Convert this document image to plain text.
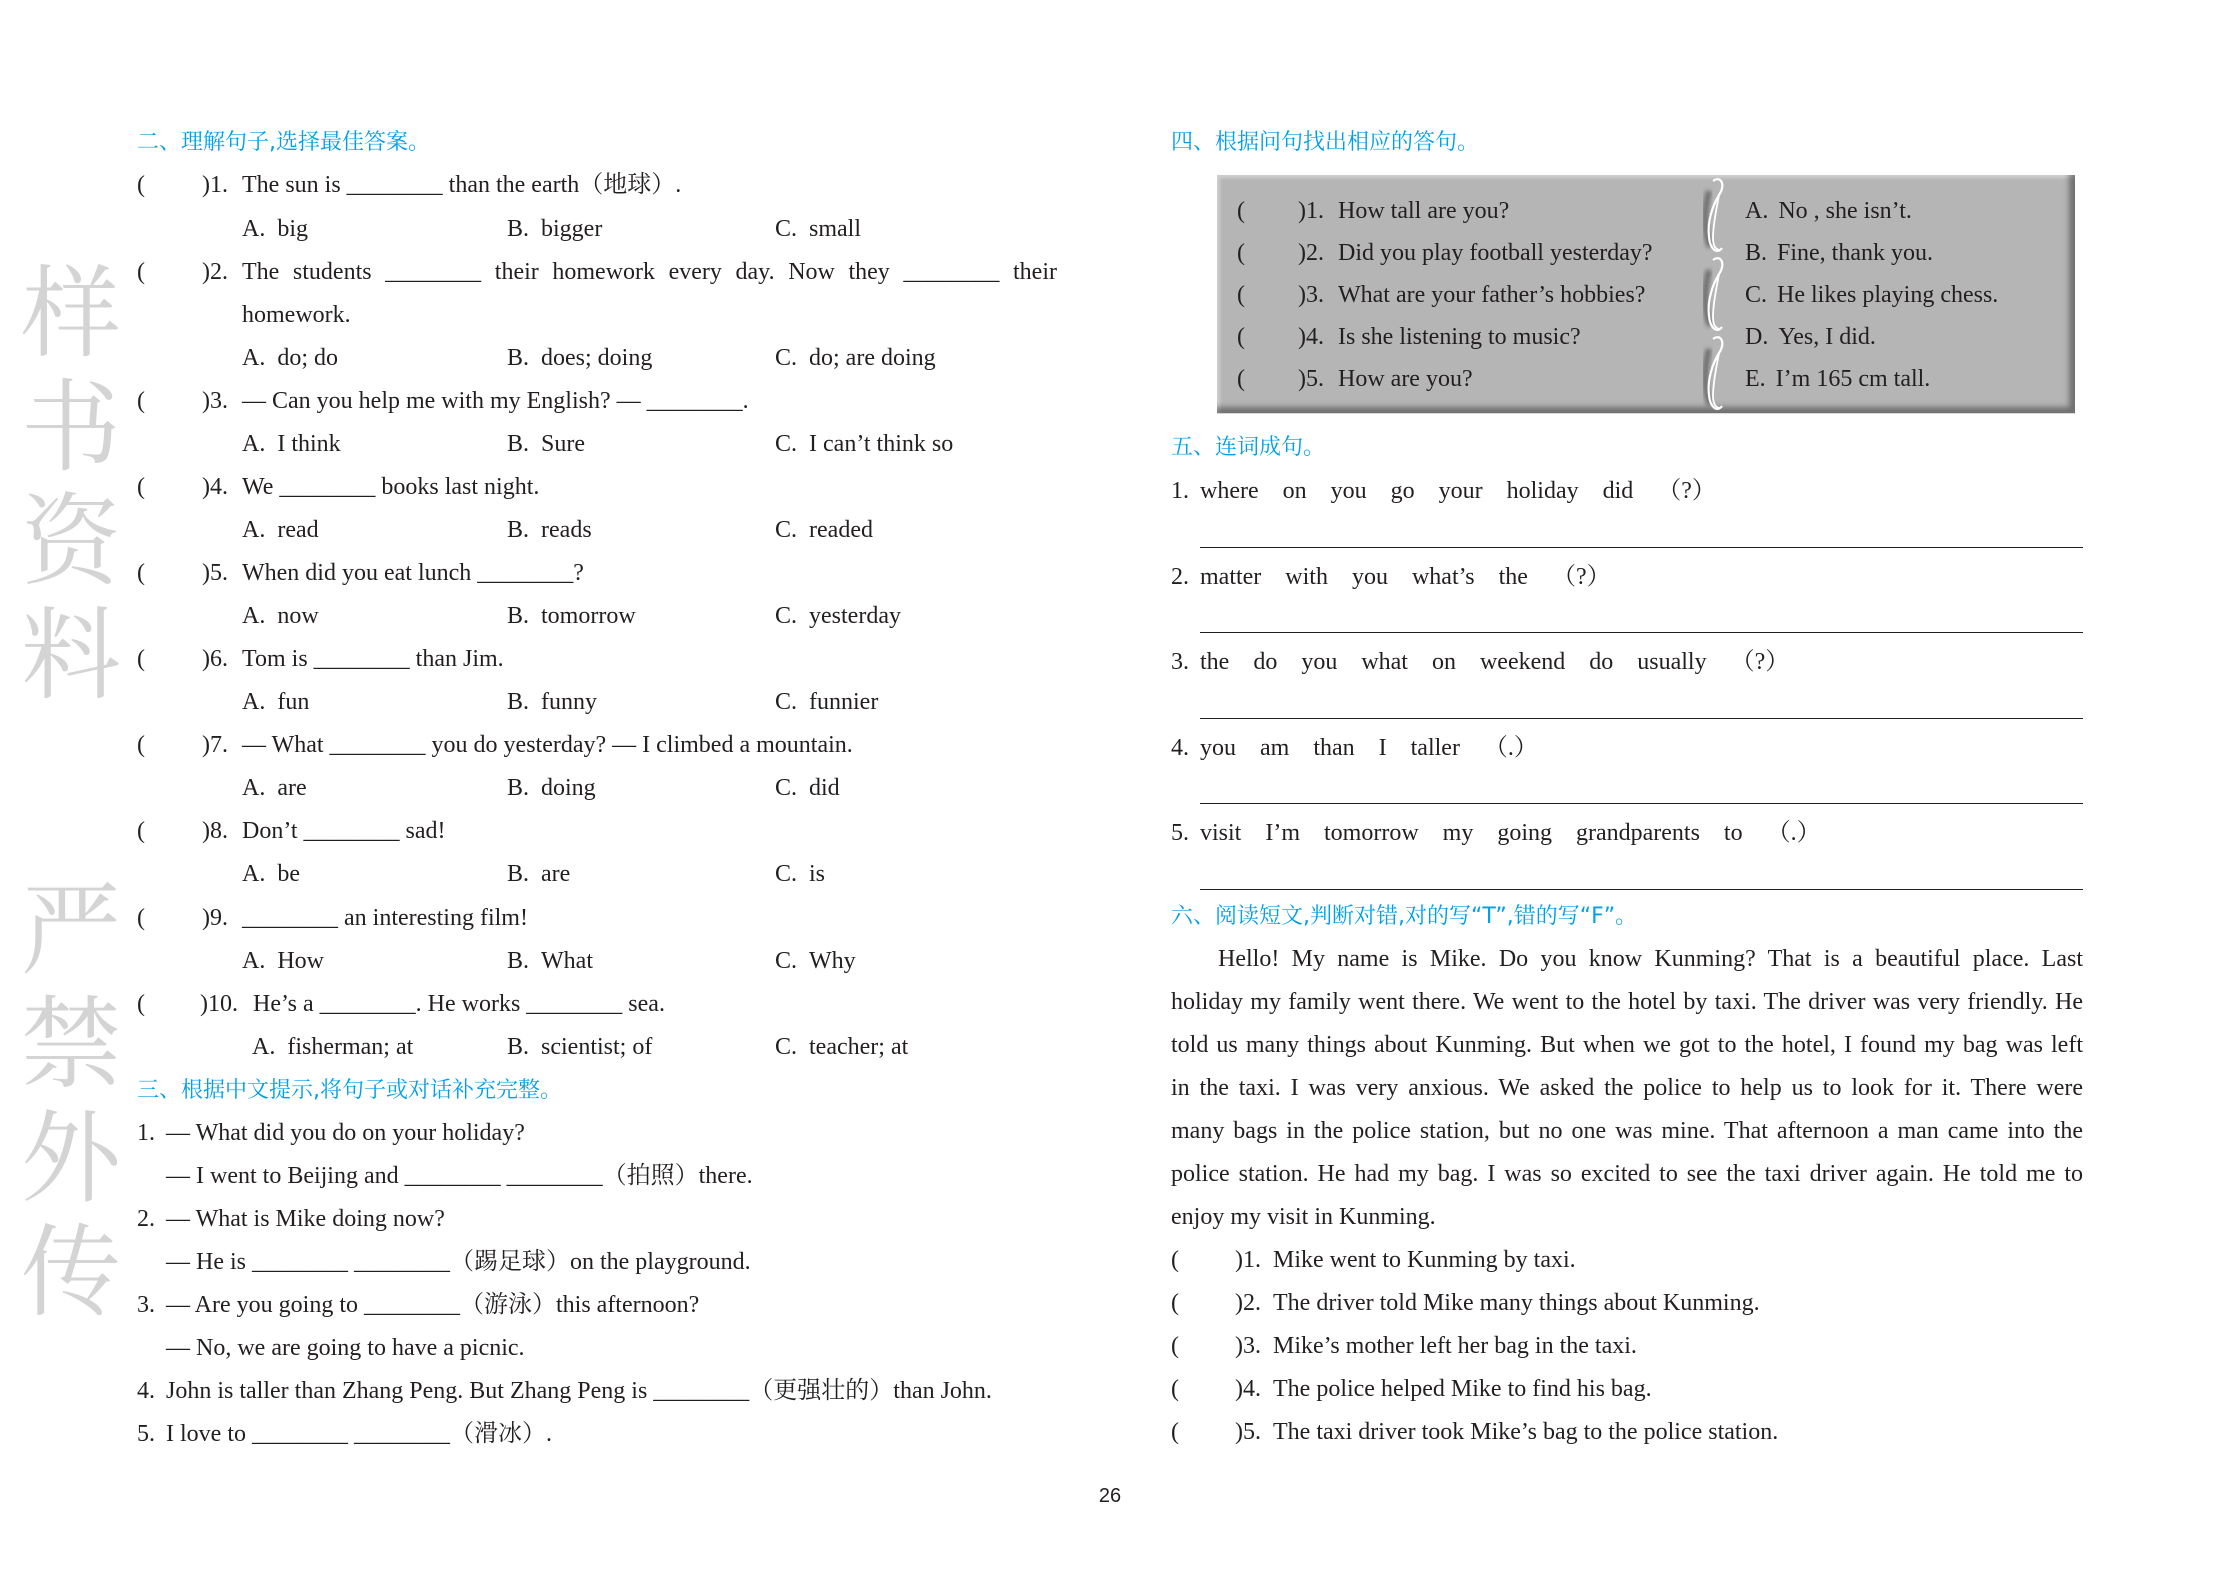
二、理解句子,选择最佳答案。
( )1. The sun is ________ than the earth（地球）.
A. big	B. bigger	C. small
( )2. The students ________ their homework every day. Now they ________ their
homework.
A. do; do	B. does; doing	C. do; are doing
( )3. — Can you help me with my English? — ________.
A. I think	B. Sure	C. I can’t think so
( )4. We ________ books last night.
A. read	B. reads	C. readed
( )5. When did you eat lunch ________?
A. now	B. tomorrow	C. yesterday
( )6. Tom is ________ than Jim.
A. fun	B. funny	C. funnier
( )7. — What ________ you do yesterday? — I climbed a mountain.
A. are	B. doing	C. did
( )8. Don’t ________ sad!
A. be	B. are	C. is
( )9. ________ an interesting film!
A. How	B. What	C. Why
( )10. He’s a ________. He works ________ sea.
A. fisherman; at	B. scientist; of	C. teacher; at
三、根据中文提示,将句子或对话补充完整。
1. — What did you do on your holiday?
— I went to Beijing and ________ ________（拍照）there.
2. — What is Mike doing now?
— He is ________ ________（踢足球）on the playground.
3. — Are you going to ________（游泳）this afternoon?
— No, we are going to have a picnic.
4. John is taller than Zhang Peng. But Zhang Peng is ________（更强壮的）than John.
5. I love to ________ ________（滑冰）.
四、根据问句找出相应的答句。
( )1. How tall are you?	A. No , she isn’t.
( )2. Did you play football yesterday?	B. Fine, thank you.
( )3. What are your father’s hobbies?	C. He likes playing chess.
( )4. Is she listening to music?	D. Yes, I did.
( )5. How are you?	E. I’m 165 cm tall.
五、连词成句。
1. where on you go your holiday did （?）
2. matter with you what’s the （?）
3. the do you what on weekend do usually （?）
4. you am than I taller （.）
5. visit I’m tomorrow my going grandparents to （.）
六、阅读短文,判断对错,对的写“T”,错的写“F”。
Hello! My name is Mike. Do you know Kunming? That is a beautiful place. Last
holiday my family went there. We went to the hotel by taxi. The driver was very friendly. He
told us many things about Kunming. But when we got to the hotel, I found my bag was left
in the taxi. I was very anxious. We asked the police to help us to look for it. There were
many bags in the police station, but no one was mine. That afternoon a man came into the
police station. He had my bag. I was so excited to see the taxi driver again. He told me to
enjoy my visit in Kunming.
( )1. Mike went to Kunming by taxi.
( )2. The driver told Mike many things about Kunming.
( )3. Mike’s mother left her bag in the taxi.
( )4. The police helped Mike to find his bag.
( )5. The taxi driver took Mike’s bag to the police station.
26
样书资料 严禁外传
